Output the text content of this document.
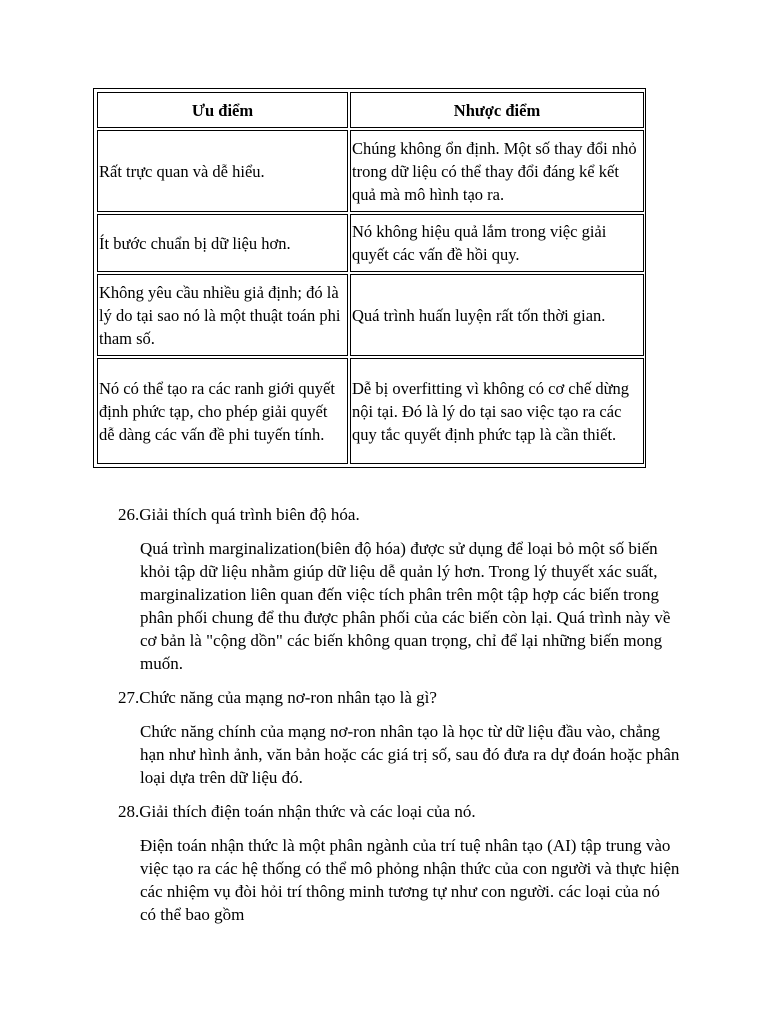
Ưu điểm	Nhược điểm
Rất trực quan và dễ hiểu.	Chúng không ổn định. Một số thay đổi nhỏ trong dữ liệu có thể thay đổi đáng kể kết quả mà mô hình tạo ra.
Ít bước chuẩn bị dữ liệu hơn.	Nó không hiệu quả lắm trong việc giải quyết các vấn đề hồi quy.
Không yêu cầu nhiều giả định; đó là lý do tại sao nó là một thuật toán phi tham số.	Quá trình huấn luyện rất tốn thời gian.
Nó có thể tạo ra các ranh giới quyết định phức tạp, cho phép giải quyết dễ dàng các vấn đề phi tuyến tính.	Dễ bị overfitting vì không có cơ chế dừng nội tại. Đó là lý do tại sao việc tạo ra các quy tắc quyết định phức tạp là cần thiết.
26.Giải thích quá trình biên độ hóa.
Quá trình marginalization(biên độ hóa) được sử dụng để loại bỏ một số biến khỏi tập dữ liệu nhằm giúp dữ liệu dễ quản lý hơn. Trong lý thuyết xác suất, marginalization liên quan đến việc tích phân trên một tập hợp các biến trong phân phối chung để thu được phân phối của các biến còn lại. Quá trình này về cơ bản là "cộng dồn" các biến không quan trọng, chỉ để lại những biến mong muốn.
27.Chức năng của mạng nơ-ron nhân tạo là gì?
Chức năng chính của mạng nơ-ron nhân tạo là học từ dữ liệu đầu vào, chẳng hạn như hình ảnh, văn bản hoặc các giá trị số, sau đó đưa ra dự đoán hoặc phân loại dựa trên dữ liệu đó.
28.Giải thích điện toán nhận thức và các loại của nó.
Điện toán nhận thức là một phân ngành của trí tuệ nhân tạo (AI) tập trung vào việc tạo ra các hệ thống có thể mô phỏng nhận thức của con người và thực hiện các nhiệm vụ đòi hỏi trí thông minh tương tự như con người. các loại của nó có thể bao gồm
